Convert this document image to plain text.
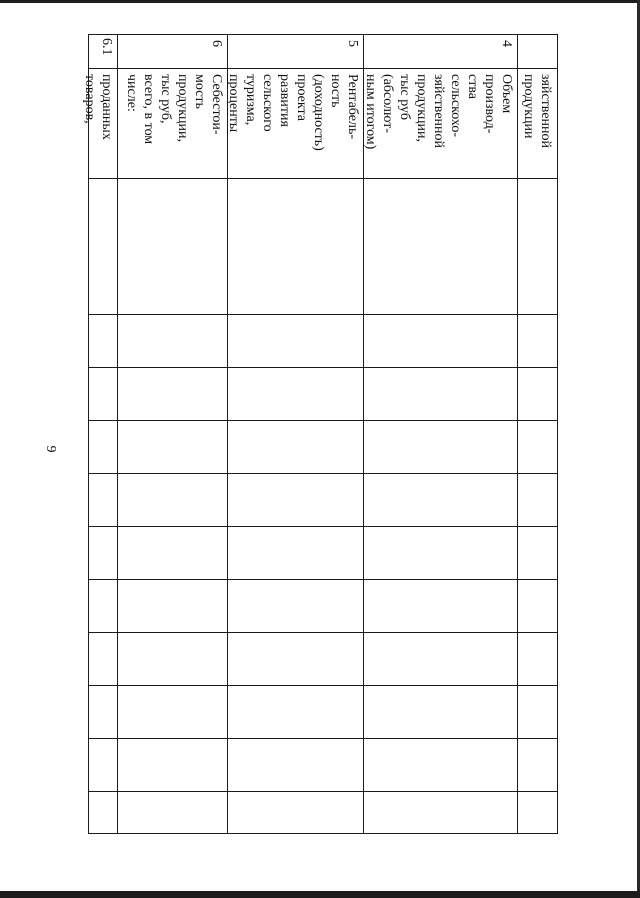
9
зяйственной
продукции
4
Объем
производ-
ства
сельскохо-
зяйственной
продукции,
тыс руб
(абсолют-
ным итогом)
5
Рентабель-
ность
(доходность)
проекта
развития
сельского
туризма,
проценты
6
Себестои-
мость
продукции,
тыс руб,
всего, в том
числе:
6.1
проданных
товаров,
